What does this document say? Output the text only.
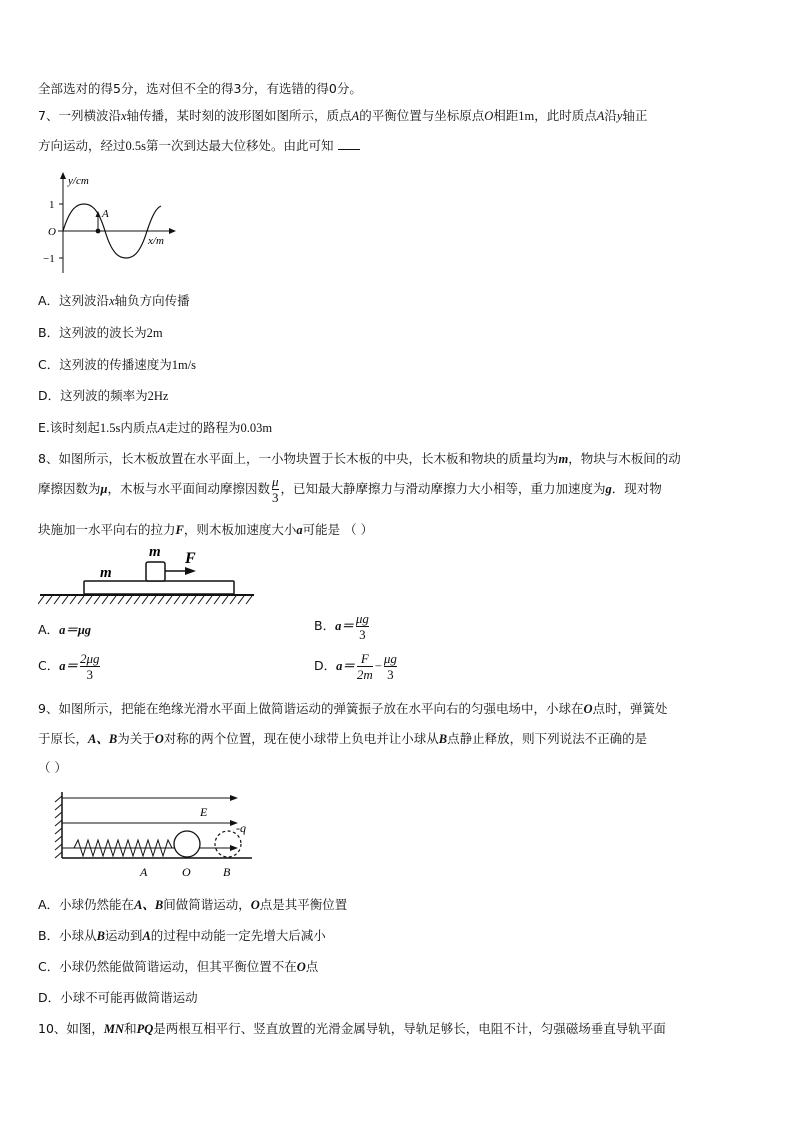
全部选对的得5分，选对但不全的得3分，有选错的得0分。
7、一列横波沿x轴传播，某时刻的波形图如图所示，质点A的平衡位置与坐标原点O相距1m，此时质点A沿y轴正
方向运动，经过0.5s第一次到达最大位移处。由此可知
y/cm
x/m
1
O
−1
A
A．这列波沿x轴负方向传播
B．这列波的波长为2m
C．这列波的传播速度为1m/s
D．这列波的频率为2Hz
E.该时刻起1.5s内质点A走过的路程为0.03m
8、如图所示，长木板放置在水平面上，一小物块置于长木板的中央，长木板和物块的质量均为m，物块与木板间的动
摩擦因数为μ，木板与水平面间动摩擦因数 $\frac{\mu}{3}$ ，已知最大静摩擦力与滑动摩擦力大小相等，重力加速度为g．现对物
块施加一水平向右的拉力F，则木板加速度大小a可能是 （ ）
m
m
F
A．a＝μg	B．$a= \frac{\mu g}{3}$
C．$a= \frac{2\mu g}{3}$	D．$a= \frac{F}{2m} - \frac{\mu g}{3}$
9、如图所示，把能在绝缘光滑水平面上做简谐运动的弹簧振子放在水平向右的匀强电场中，小球在O点时，弹簧处
于原长，A、B为关于O对称的两个位置，现在使小球带上负电并让小球从B点静止释放，则下列说法不正确的是
（ ）
E
-q
A	O	B
A．小球仍然能在A、B间做简谐运动，O点是其平衡位置
B．小球从B运动到A的过程中动能一定先增大后减小
C．小球仍然能做简谐运动，但其平衡位置不在O点
D．小球不可能再做简谐运动
10、如图，MN和PQ是两根互相平行、竖直放置的光滑金属导轨，导轨足够长，电阻不计，匀强磁场垂直导轨平面
